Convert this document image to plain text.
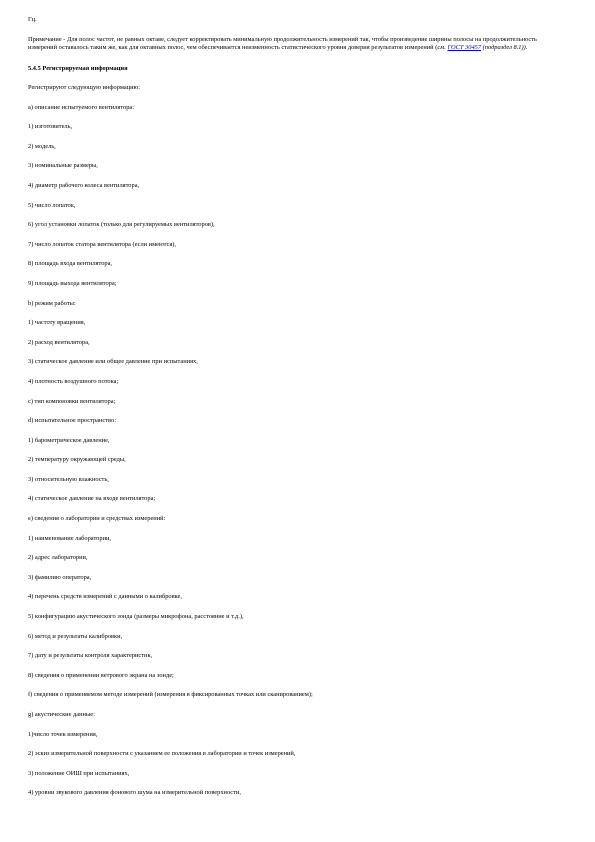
Гц.

Примечание - Для полос частот, не равных октаве, следует корректировать минимальную продолжительность измерений так, чтобы произведение ширины полосы на продолжительность измерений оставалось таким же, как для октавных полос, чем обеспечивается неизменность статистического уровня доверия результатов измерений (см. ГОСТ 30457 (подраздел 8.1)).

5.4.5 Регистрируемая информация

Регистрируют следующую информацию:

a) описание испытуемого вентилятора:

1) изготовитель,

2) модель,

3) номинальные размеры,

4) диаметр рабочего колеса вентилятора,

5) число лопаток,

6) угол установки лопаток (только для регулируемых вентиляторов),

7) число лопаток статора вентилятора (если имеются),

8) площадь входа вентилятора,

9) площадь выхода вентилятора;

b) режим работы:

1) частоту вращения,

2) расход вентилятора,

3) статическое давление или общее давление при испытаниях,

4) плотность воздушного потока;

c) тип компоновки вентилятора;

d) испытательное пространство:

1) барометрическое давление,

2) температуру окружающей среды,

3) относительную влажность,

4) статическое давление на входе вентилятора;

e) сведения о лаборатории и средствах измерений:

1) наименование лаборатории,

2) адрес лаборатории,

3) фамилию оператора,

4) перечень средств измерений с данными о калибровке,

5) конфигурацию акустического зонда (размеры микрофона, расстояние и т.д.),

6) метод и результаты калибровки,

7) дату и результаты контроля характеристик,

8) сведения о применении ветрового экрана на зонде;

f) сведения о применяемом методе измерений (измерения в фиксированных точках или сканированием);

g) акустические данные:

1)число точек измерения,

2) эскиз измерительной поверхности с указанием ее положения в лаборатории и точек измерений,

3) положение ОИШ при испытаниях,

4) уровни звукового давления фонового шума на измерительной поверхности,
